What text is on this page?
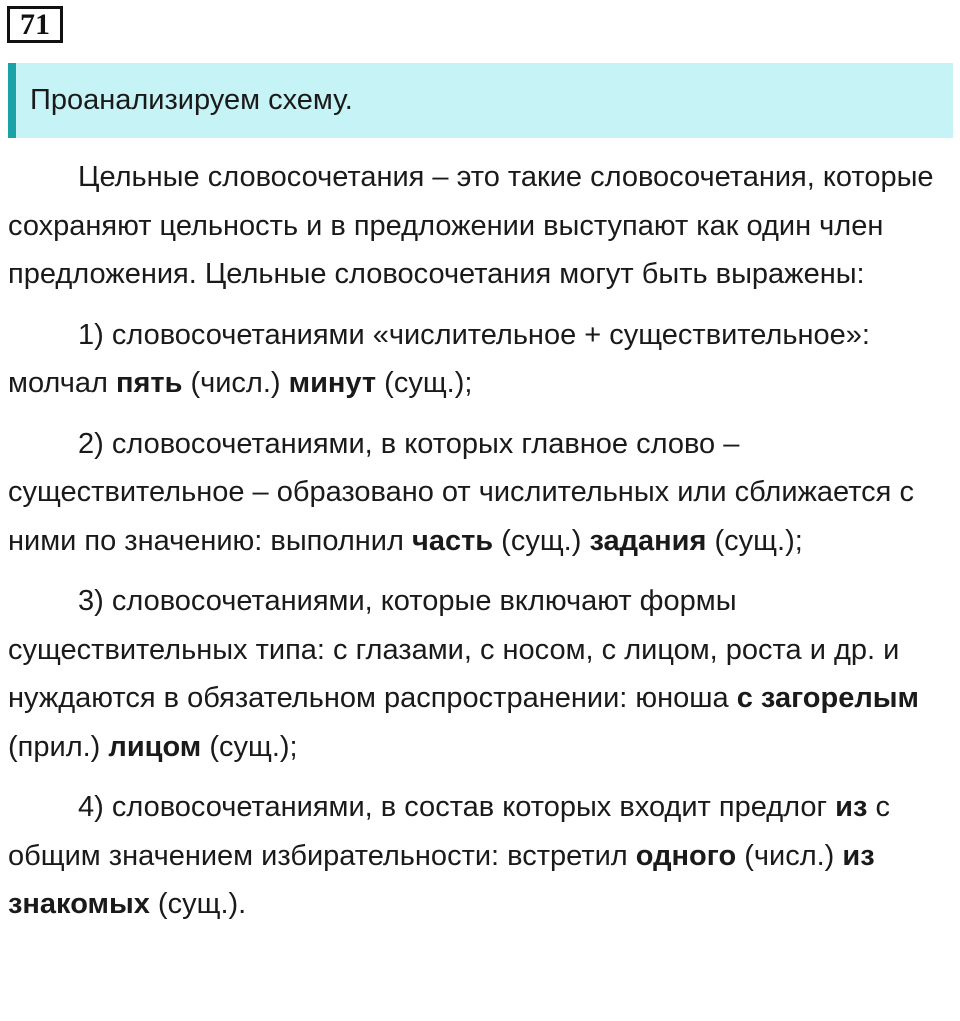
71
Проанализируем схему.

Цельные словосочетания – это такие словосочетания, которые сохраняют цельность и в предложении выступают как один член предложения. Цельные словосочетания могут быть выражены:

1) словосочетаниями «числительное + существительное»: молчал пять (числ.) минут (сущ.);

2) словосочетаниями, в которых главное слово – существительное – образовано от числительных или сближается с ними по значению: выполнил часть (сущ.) задания (сущ.);

3) словосочетаниями, которые включают формы существительных типа: с глазами, с носом, с лицом, роста и др. и нуждаются в обязательном распространении: юноша с загорелым (прил.) лицом (сущ.);

4) словосочетаниями, в состав которых входит предлог из с общим значением избирательности: встретил одного (числ.) из знакомых (сущ.).
